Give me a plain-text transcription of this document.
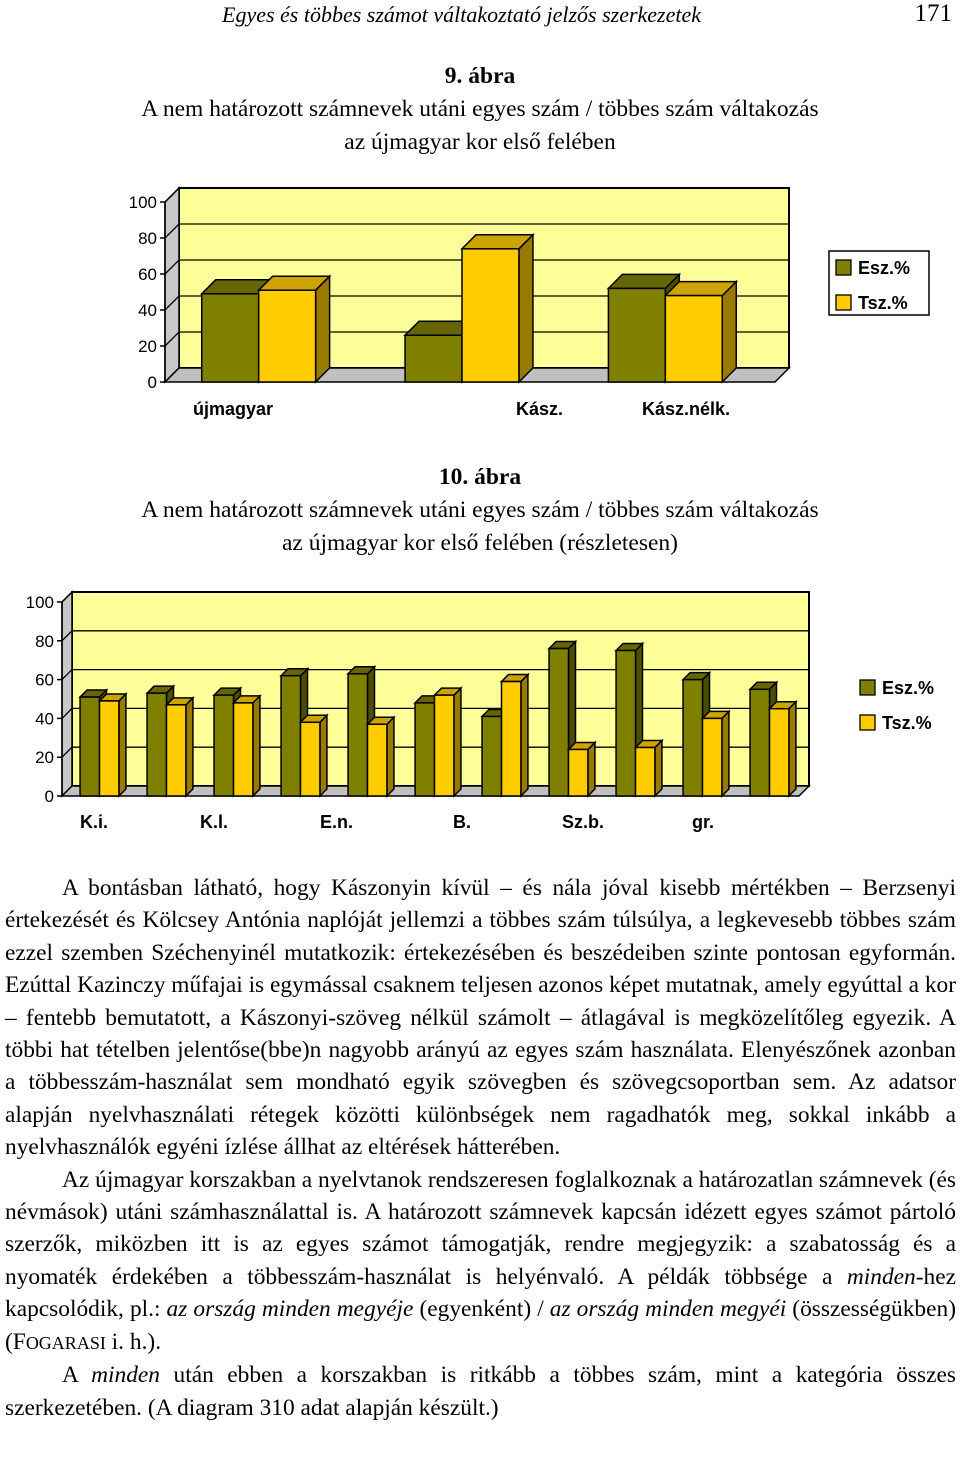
Egyes és többes számot váltakoztató jelzős szerkezetek	171
9. ábra
A nem határozott számnevek utáni egyes szám / többes szám váltakozás
az újmagyar kor első felében
0
20
40
60
80
100
újmagyar	Kász.	Kász.nélk.
Esz.%
Tsz.%
10. ábra
A nem határozott számnevek utáni egyes szám / többes szám váltakozás
az újmagyar kor első felében (részletesen)
0
20
40
60
80
100
K.i.	K.l.	E.n.	B.	Sz.b.	gr.
Esz.%
Tsz.%

A bontásban látható, hogy Kászonyin kívül – és nála jóval kisebb mértékben – Berzsenyi értekezését és Kölcsey Antónia naplóját jellemzi a többes szám túlsúlya, a legkevesebb többes szám ezzel szemben Széchenyinél mutatkozik: értekezésében és beszédeiben szinte pontosan egyformán. Ezúttal Kazinczy műfajai is egymással csaknem teljesen azonos képet mutatnak, amely egyúttal a kor – fentebb bemutatott, a Kászonyi-szöveg nélkül számolt – átlagával is megközelítőleg egyezik. A többi hat tételben jelentőse(bbe)n nagyobb arányú az egyes szám használata. Elenyészőnek azonban a többesszám-használat sem mondható egyik szövegben és szövegcsoportban sem. Az adatsor alapján nyelvhasználati rétegek közötti különbségek nem ragadhatók meg, sokkal inkább a nyelvhasználók egyéni ízlése állhat az eltérések hátterében.

Az újmagyar korszakban a nyelvtanok rendszeresen foglalkoznak a határozatlan számnevek (és névmások) utáni számhasználattal is. A határozott számnevek kapcsán idézett egyes számot pártoló szerzők, miközben itt is az egyes számot támogatják, rendre megjegyzik: a szabatosság és a nyomaték érdekében a többesszám-használat is helyénvaló. A példák többsége a minden-hez kapcsolódik, pl.: az ország minden megyéje (egyenként) / az ország minden megyéi (összességükben) (FOGARASI i. h.).

A minden után ebben a korszakban is ritkább a többes szám, mint a kategória összes szerkezetében. (A diagram 310 adat alapján készült.)
